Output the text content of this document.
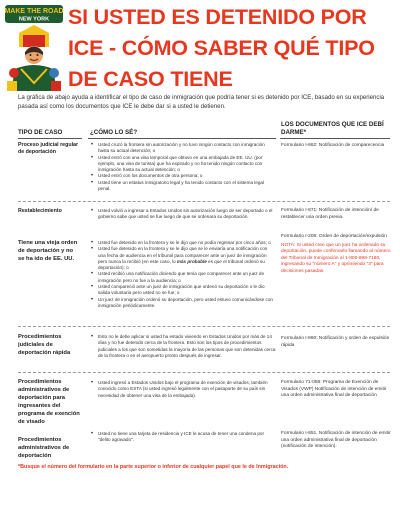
MAKE THE ROAD
NEW YORK SI USTED ES DETENIDO POR
ICE - CÓMO SABER QUÉ TIPO
DE CASO TIENE
La gráfica de abajo ayuda a identificar el tipo de caso de inmigración que podría tener si es detenido por ICE, basado en su experiencia pasada así como los documentos que ICE le debe dar si a usted le detienen.
TIPO DE CASO	¿CÓMO LO SÉ?
LOS DOCUMENTOS QUE ICE DEBÍ DARME*
Proceso judicial regular de deportación
• Usted cruzó la frontera sin autorización y no tuvo ningún contacto con inmigración hasta su actual detención; o
• Usted entró con una visa temporal que obtuvo en una embajada de EE. UU. (por ejemplo, una visa de turista) que ha expirado y no ha tenido ningún contacto con inmigración hasta su actual detención; o
• Usted entró con los documentos de otra persona; o
• Usted tiene un estatus inmigratorio legal y ha tenido contacto con el sistema legal penal.
Formulario I-862: Notificación de comparecencia
Restablecimiento	• Usted volvió a ingresar a Estados Unidos sin autorización luego de ser deportado o el gobierno sabe que usted se fue luego de que se ordenara su deportación.
Formulario I-871: Notificación de intención/ de restablecer una orden previa.
Tiene una vieja orden de deportación y no se ha ido de EE. UU.
• Usted fue detenido en la frontera y se le dijo que no podía regresar por cinco años; o
• Usted fue detenido en la frontera y se le dijo que se le enviaría una notificación con una fecha de audiencia en el tribunal para comparecer ante un juez de inmigración pero nunca la recibió (en este caso, lo más probable es que el tribunal ordenó su deportación); o
• Usted recibió una notificación diciendo que tenía que comparecer ante un juez de inmigración pero no fue a la audiencia; o
• Usted compareció ante un juez de inmigración que ordenó su deportación o le dio salida voluntaria pero usted no se fue; o
• Un juez de inmigración ordenó su deportación, pero usted estuvo comunicándose con inmigración periódicamente.
Formulario I-205: Orden de deportación/expulsión
NOTA: Si usted cree que un juez ha ordenado su deportación, puede confirmarlo llamando al número del Tribunal de Inmigración al 1-800-898-7180, ingresando su "número A" y oprimiendo "3" para decisiones pasadas.
Procedimientos judiciales de deportación rápida
• Esto no le debe aplicar si usted ha estado viviendo en Estados Unidos por más de 14 días y no fue detenido cerca de la frontera. Esto son los tipos de procedimientos judiciales a los que son sometidas la mayoría de las personas que son detenidas cerca de la frontera o en el aeropuerto pronto después de ingresar.
Formulario I-860: Notificación y orden de expulsión rápida
Procedimientos administrativos de deportación para ingresantes del programa de exención de visado
• Usted ingresó a Estados Unidos bajo el programa de exención de visados, también conocido como ESTA (si usted ingresó legalmente con el pasaporte de su país sin necesidad de obtener una visa de la embajada).
Formulario 71-058: Programa de Exención de Visados (VWP) Notificación de intención de emitir una orden administrativa final de deportación
Procedimientos administrativos de deportación
• Usted no tiene una tarjeta de residencia y ICE le acusa de tener una condena por "delito agravado".
Formulario I-851, Notificación de intención de emitir una orden administrativa final de deportación (notificación de intención).
*Busque el número del formulario en la parte superior o inferior de cualquier papel que le de Inmigración.
